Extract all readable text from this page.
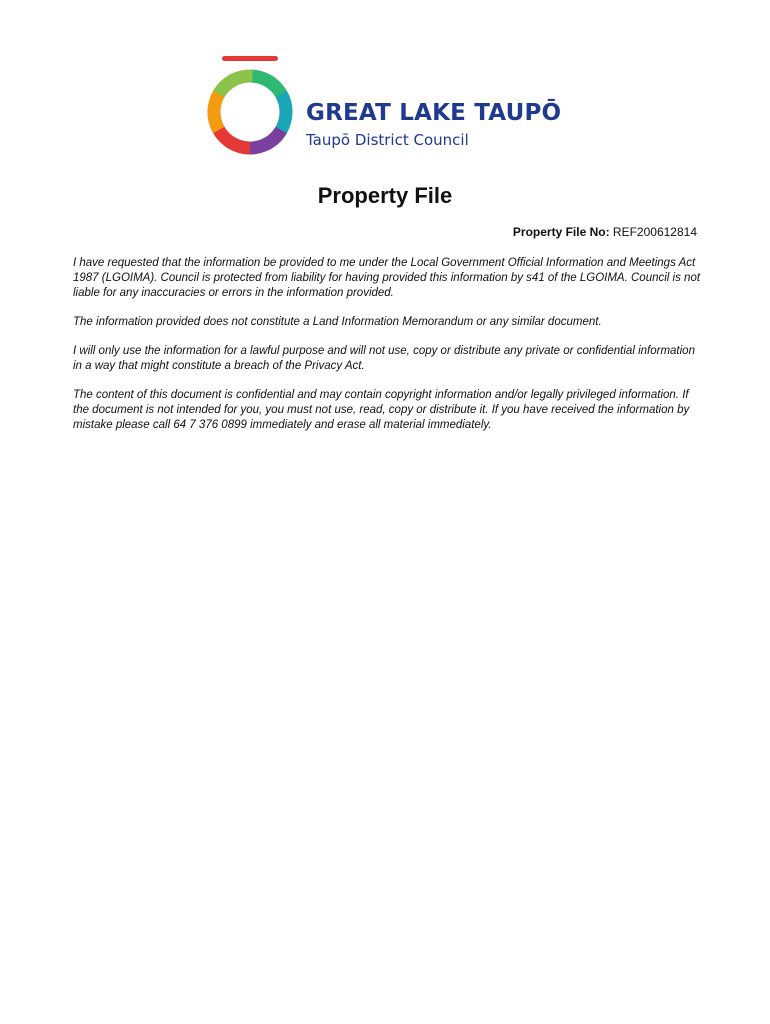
GREAT LAKE TAUPŌ
Taupō District Council
Property File
Property File No: REF200612814

I have requested that the information be provided to me under the Local Government Official Information and Meetings Act 1987 (LGOIMA). Council is protected from liability for having provided this information by s41 of the LGOIMA. Council is not liable for any inaccuracies or errors in the information provided.

The information provided does not constitute a Land Information Memorandum or any similar document.

I will only use the information for a lawful purpose and will not use, copy or distribute any private or confidential information in a way that might constitute a breach of the Privacy Act.

The content of this document is confidential and may contain copyright information and/or legally privileged information. If the document is not intended for you, you must not use, read, copy or distribute it. If you have received the information by mistake please call 64 7 376 0899 immediately and erase all material immediately.
